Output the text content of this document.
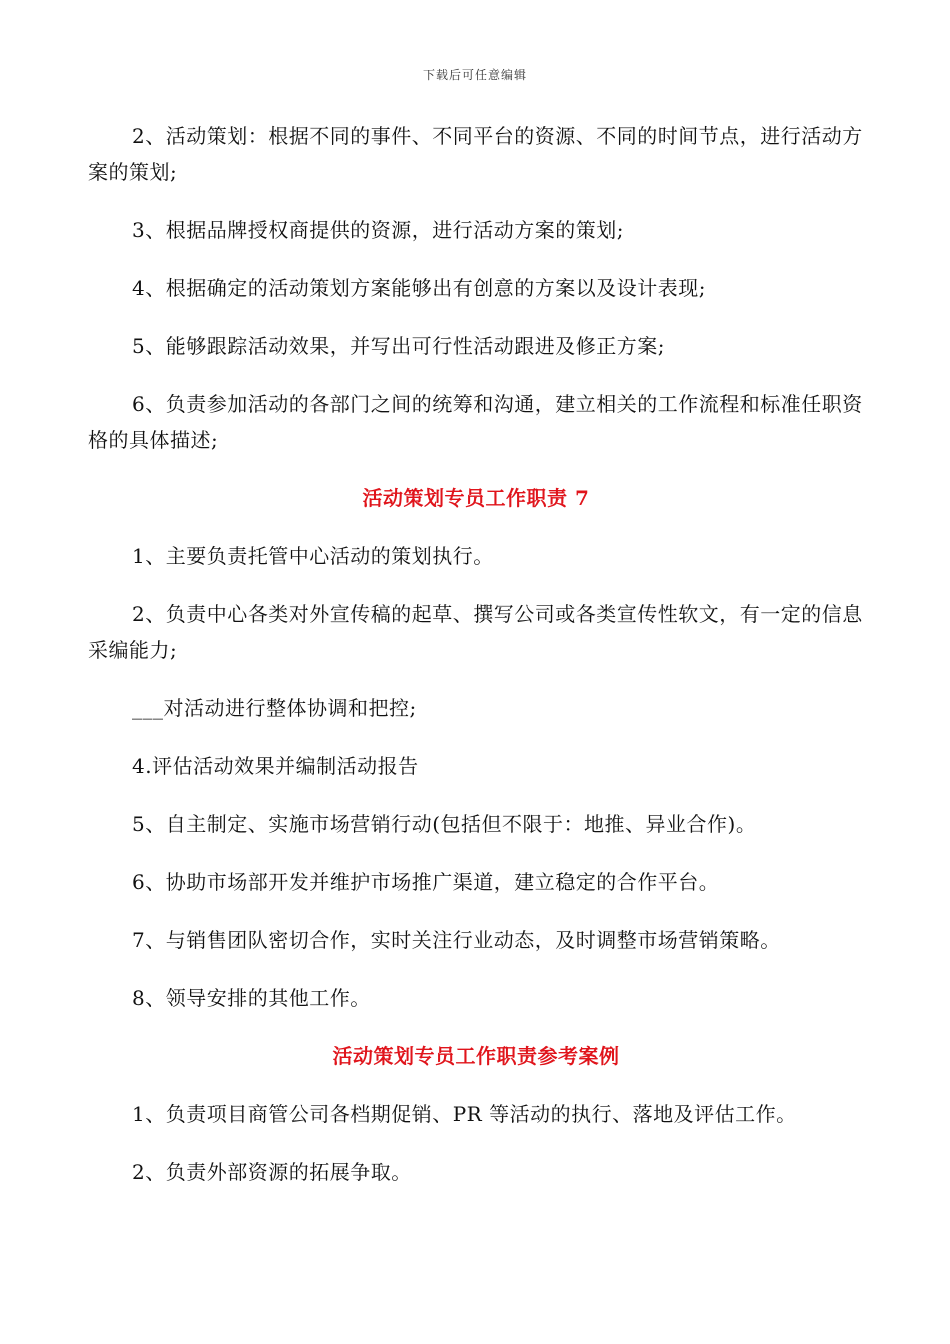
下载后可任意编辑

2、活动策划：根据不同的事件、不同平台的资源、不同的时间节点，进行活动方案的策划;

3、根据品牌授权商提供的资源，进行活动方案的策划;

4、根据确定的活动策划方案能够出有创意的方案以及设计表现;

5、能够跟踪活动效果，并写出可行性活动跟进及修正方案;

6、负责参加活动的各部门之间的统筹和沟通，建立相关的工作流程和标准任职资格的具体描述;

活动策划专员工作职责 7

1、主要负责托管中心活动的策划执行。

2、负责中心各类对外宣传稿的起草、撰写公司或各类宣传性软文，有一定的信息采编能力;

___对活动进行整体协调和把控;

4.评估活动效果并编制活动报告

5、自主制定、实施市场营销行动(包括但不限于：地推、异业合作)。

6、协助市场部开发并维护市场推广渠道，建立稳定的合作平台。

7、与销售团队密切合作，实时关注行业动态，及时调整市场营销策略。

8、领导安排的其他工作。

活动策划专员工作职责参考案例

1、负责项目商管公司各档期促销、PR 等活动的执行、落地及评估工作。

2、负责外部资源的拓展争取。
